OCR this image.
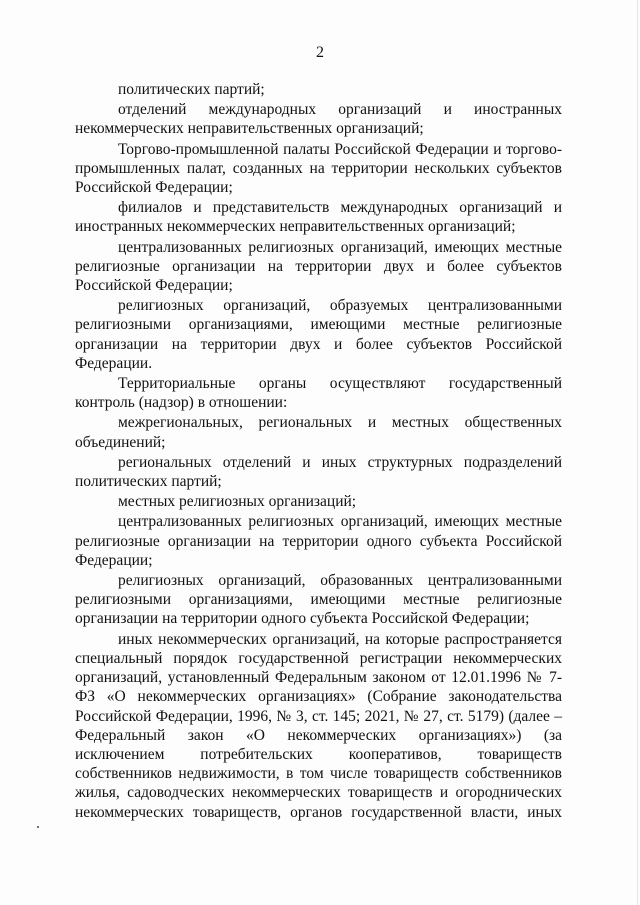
2

политических партий;

отделений международных организаций и иностранных некоммерческих неправительственных организаций;

Торгово-промышленной палаты Российской Федерации и торгово-промышленных палат, созданных на территории нескольких субъектов Российской Федерации;

филиалов и представительств международных организаций и иностранных некоммерческих неправительственных организаций;

централизованных религиозных организаций, имеющих местные религиозные организации на территории двух и более субъектов Российской Федерации;

религиозных организаций, образуемых централизованными религиозными организациями, имеющими местные религиозные организации на территории двух и более субъектов Российской Федерации.

Территориальные органы осуществляют государственный контроль (надзор) в отношении:

межрегиональных, региональных и местных общественных объединений;

региональных отделений и иных структурных подразделений политических партий;

местных религиозных организаций;

централизованных религиозных организаций, имеющих местные религиозные организации на территории одного субъекта Российской Федерации;

религиозных организаций, образованных централизованными религиозными организациями, имеющими местные религиозные организации на территории одного субъекта Российской Федерации;

иных некоммерческих организаций, на которые распространяется специальный порядок государственной регистрации некоммерческих организаций, установленный Федеральным законом от 12.01.1996 № 7-ФЗ «О некоммерческих организациях» (Собрание законодательства Российской Федерации, 1996, № 3, ст. 145; 2021, № 27, ст. 5179) (далее – Федеральный закон «О некоммерческих организациях») (за исключением потребительских кооперативов, товариществ собственников недвижимости, в том числе товариществ собственников жилья, садоводческих некоммерческих товариществ и огороднических некоммерческих товариществ, органов государственной власти, иных
